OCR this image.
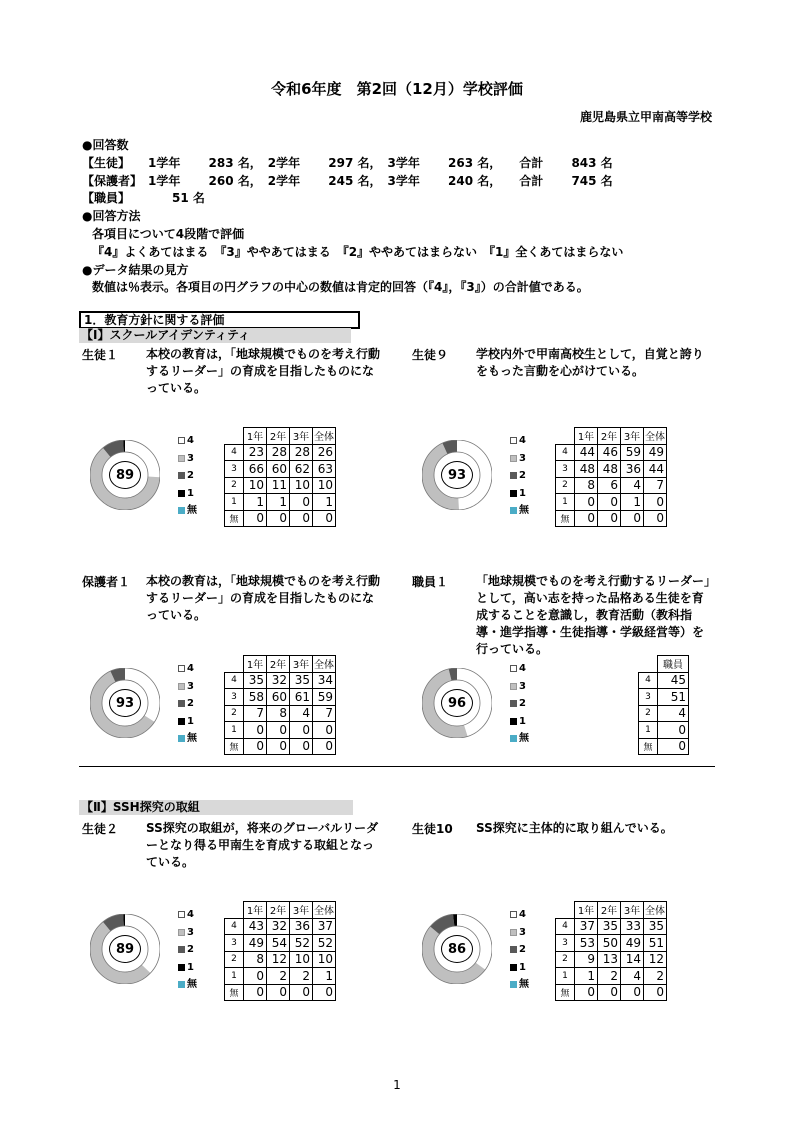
令和6年度　第2回（12月）学校評価
鹿児島県立甲南高等学校
●回答数
【生徒】　　1学年　　 283 名，　2学年　　 297 名，　3学年　　 263 名，　　合計　　 843 名
【保護者】　1学年　　 260 名，　2学年　　 245 名，　3学年　　 240 名，　　合計　　 745 名
【職員】　　　　51 名
●回答方法
各項目について4段階で評価
『4』よくあてはまる　『3』ややあてはまる　『2』ややあてはまらない　『1』全くあてはまらない
●データ結果の見方
数値は％表示。各項目の円グラフの中心の数値は肯定的回答（『4』，『3』）の合計値である。
1．教育方針に関する評価
【Ⅰ】スクールアイデンティティ
【Ⅱ】SSH探究の取組
生徒１ 本校の教育は，「地球規模でものを考え行動するリーダー」の育成を目指したものになっている。
89
4
3
2
1
無
	1年	2年	3年	全体
4	23	28	28	26
3	66	60	62	63
2	10	11	10	10
1	1	1	0	1
無	0	0	0	0
生徒９ 学校内外で甲南高校生として，自覚と誇りをもった言動を心がけている。
93
4
3
2
1
無
	1年	2年	3年	全体
4	44	46	59	49
3	48	48	36	44
2	8	6	4	7
1	0	0	1	0
無	0	0	0	0
保護者１ 本校の教育は，「地球規模でものを考え行動するリーダー」の育成を目指したものになっている。
93
4
3
2
1
無
	1年	2年	3年	全体
4	35	32	35	34
3	58	60	61	59
2	7	8	4	7
1	0	0	0	0
無	0	0	0	0
職員１ 「地球規模でものを考え行動するリーダー」として，高い志を持った品格ある生徒を育成することを意識し，教育活動（教科指導・進学指導・生徒指導・学級経営等）を行っている。
96
4
3
2
1
無
	職員
4	45
3	51
2	4
1	0
無	0
生徒２ SS探究の取組が，将来のグローバルリーダーとなり得る甲南生を育成する取組となっている。
89
4
3
2
1
無
	1年	2年	3年	全体
4	43	32	36	37
3	49	54	52	52
2	8	12	10	10
1	0	2	2	1
無	0	0	0	0
生徒10 SS探究に主体的に取り組んでいる。
86
4
3
2
1
無
	1年	2年	3年	全体
4	37	35	33	35
3	53	50	49	51
2	9	13	14	12
1	1	2	4	2
無	0	0	0	0
1
